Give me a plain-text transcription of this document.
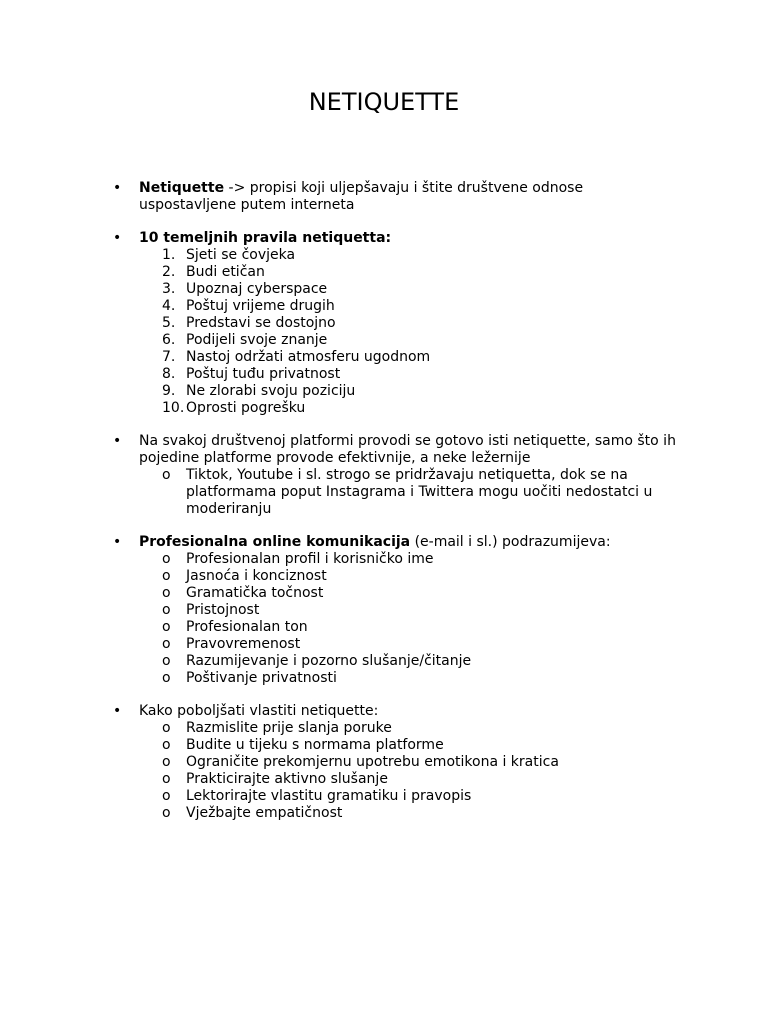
NETIQUETTE
•	Netiquette -> propisi koji uljepšavaju i štite društvene odnose uspostavljene putem interneta
•	10 temeljnih pravila netiquetta:
1. Sjeti se čovjeka
2. Budi etičan
3. Upoznaj cyberspace
4. Poštuj vrijeme drugih
5. Predstavi se dostojno
6. Podijeli svoje znanje
7. Nastoj održati atmosferu ugodnom
8. Poštuj tuđu privatnost
9. Ne zlorabi svoju poziciju
10. Oprosti pogrešku
•	Na svakoj društvenoj platformi provodi se gotovo isti netiquette, samo što ih pojedine platforme provode efektivnije, a neke ležernije
o Tiktok, Youtube i sl. strogo se pridržavaju netiquetta, dok se na platformama poput Instagrama i Twittera mogu uočiti nedostatci u moderiranju
•	Profesionalna online komunikacija (e-mail i sl.) podrazumijeva:
o Profesionalan profil i korisničko ime
o Jasnoća i konciznost
o Gramatička točnost
o Pristojnost
o Profesionalan ton
o Pravovremenost
o Razumijevanje i pozorno slušanje/čitanje
o Poštivanje privatnosti
•	Kako poboljšati vlastiti netiquette:
o Razmislite prije slanja poruke
o Budite u tijeku s normama platforme
o Ograničite prekomjernu upotrebu emotikona i kratica
o Prakticirajte aktivno slušanje
o Lektorirajte vlastitu gramatiku i pravopis
o Vježbajte empatičnost
